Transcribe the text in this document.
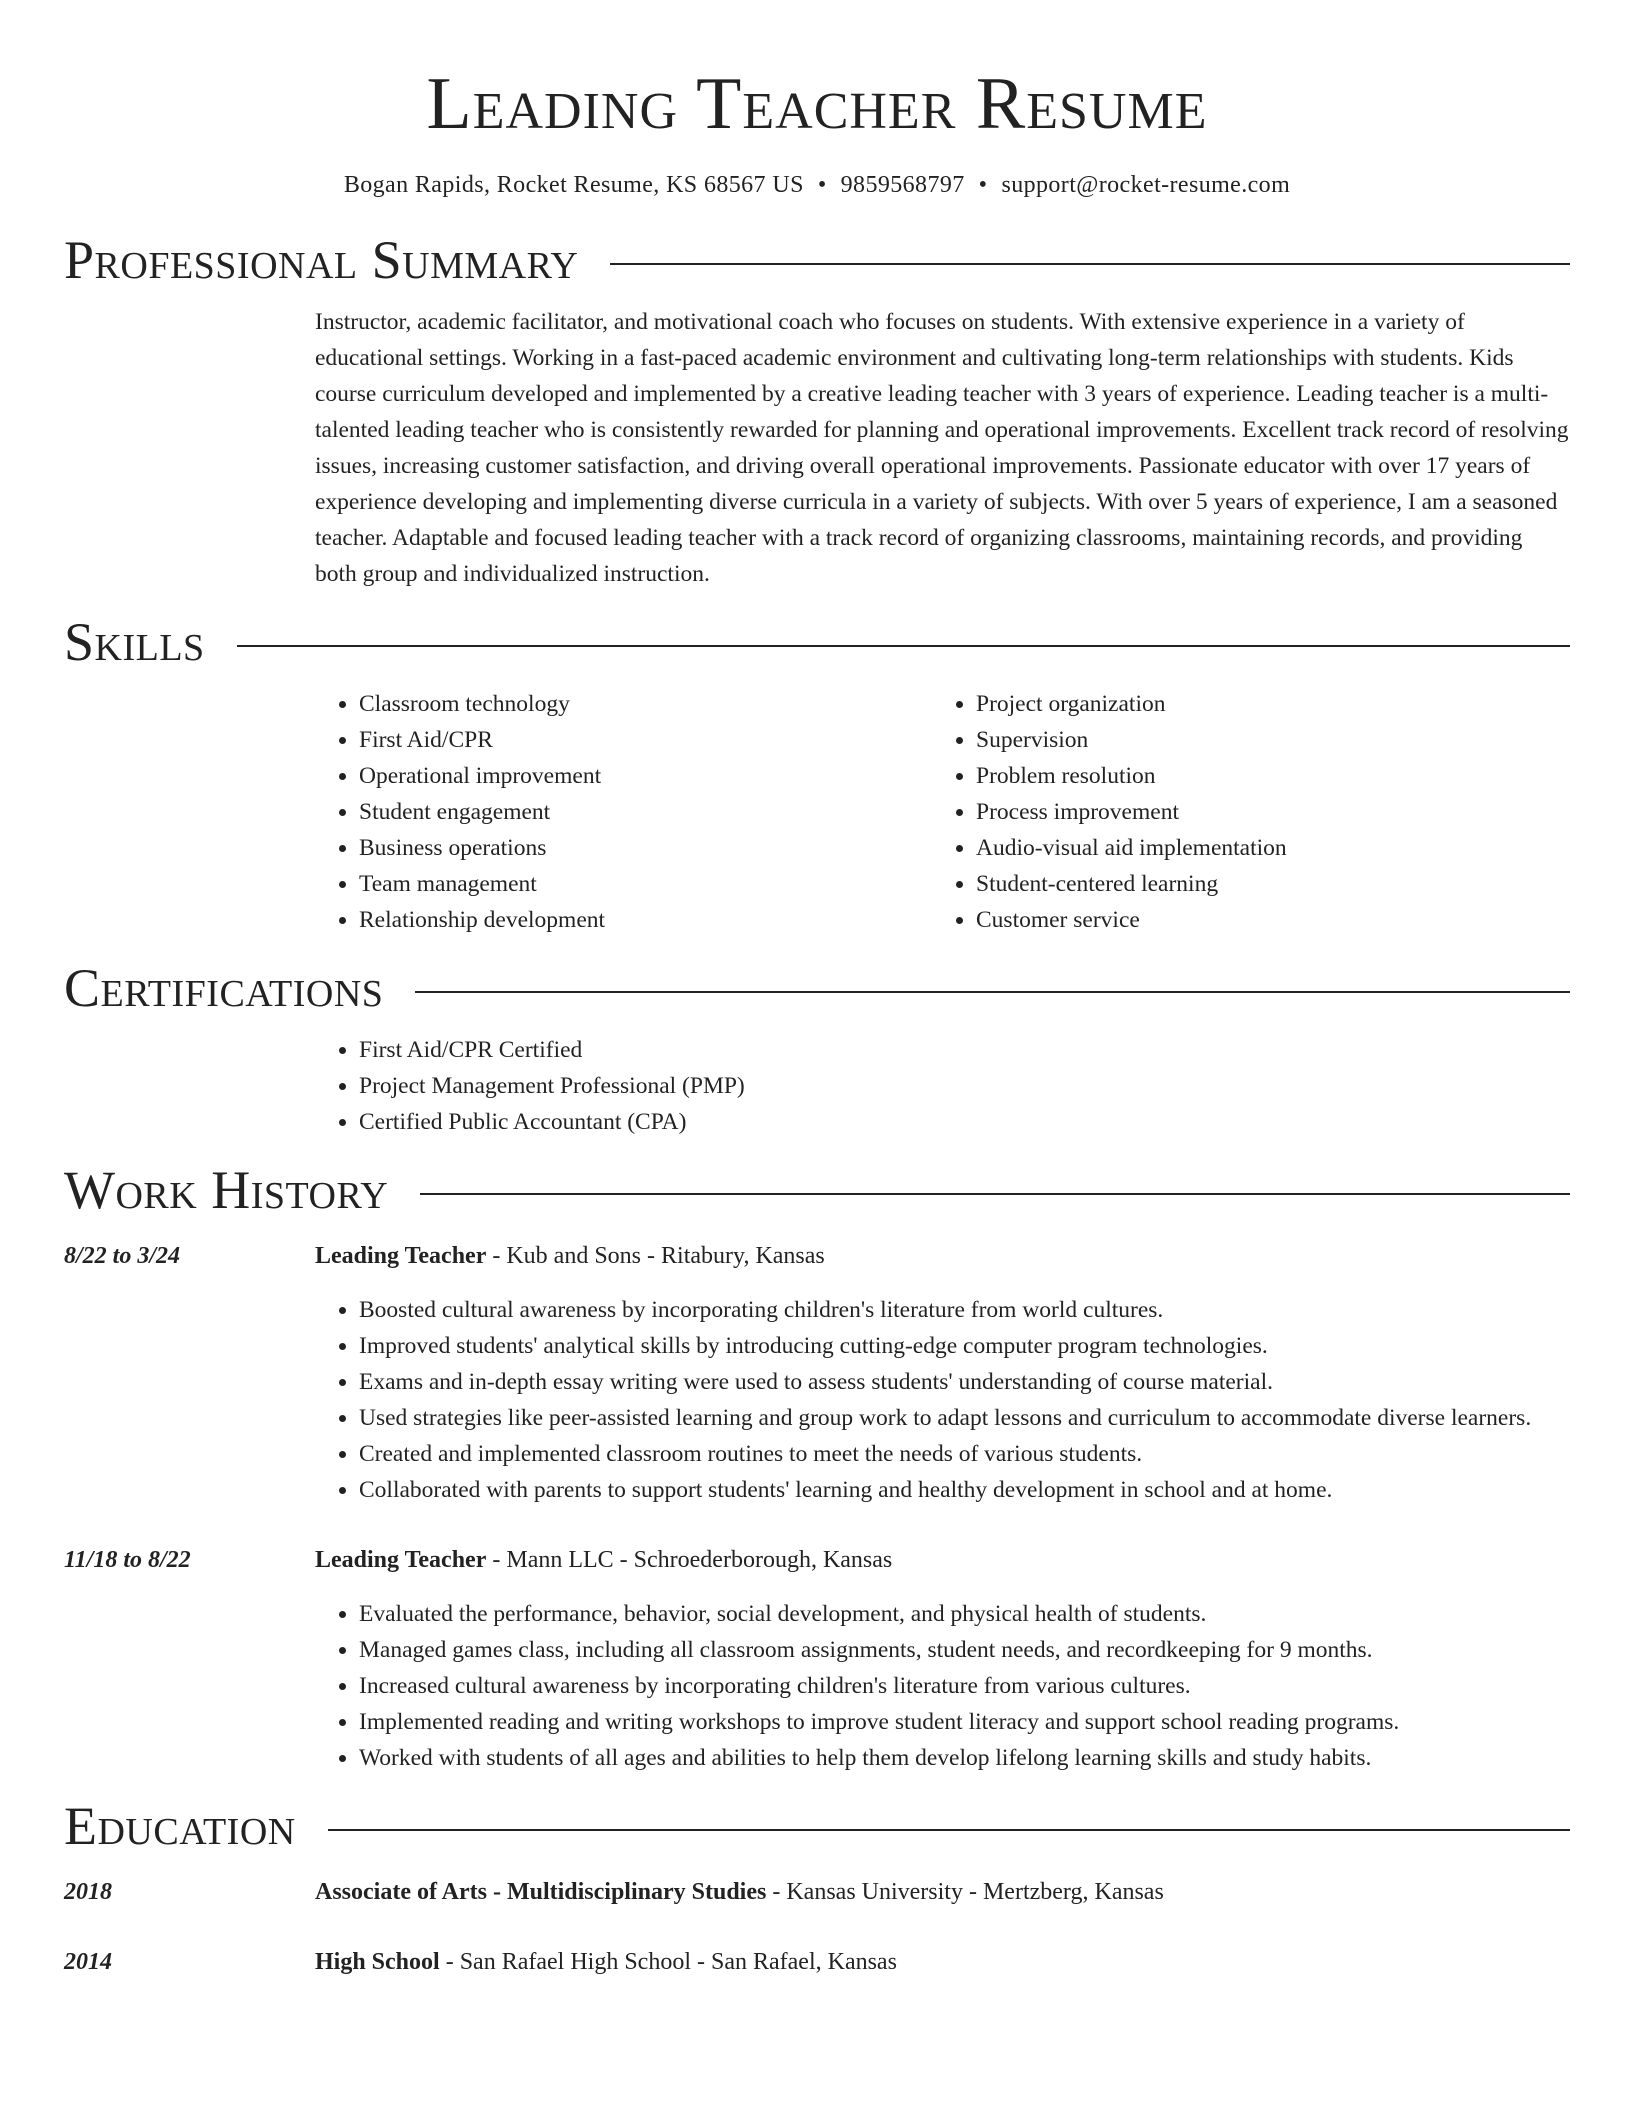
Leading Teacher Resume
Bogan Rapids, Rocket Resume, KS 68567 US • 9859568797 • support@rocket-resume.com
Professional Summary

Instructor, academic facilitator, and motivational coach who focuses on students. With extensive experience in a variety of educational settings. Working in a fast-paced academic environment and cultivating long-term relationships with students. Kids course curriculum developed and implemented by a creative leading teacher with 3 years of experience. Leading teacher is a multi-talented leading teacher who is consistently rewarded for planning and operational improvements. Excellent track record of resolving issues, increasing customer satisfaction, and driving overall operational improvements. Passionate educator with over 17 years of experience developing and implementing diverse curricula in a variety of subjects. With over 5 years of experience, I am a seasoned teacher. Adaptable and focused leading teacher with a track record of organizing classrooms, maintaining records, and providing both group and individualized instruction.

Skills
• Classroom technology
• First Aid/CPR
• Operational improvement
• Student engagement
• Business operations
• Team management
• Relationship development
• Project organization
• Supervision
• Problem resolution
• Process improvement
• Audio-visual aid implementation
• Student-centered learning
• Customer service
Certifications
• First Aid/CPR Certified
• Project Management Professional (PMP)
• Certified Public Accountant (CPA)
Work History
8/22 to 3/24	Leading Teacher - Kub and Sons - Ritabury, Kansas
• Boosted cultural awareness by incorporating children's literature from world cultures.
• Improved students' analytical skills by introducing cutting-edge computer program technologies.
• Exams and in-depth essay writing were used to assess students' understanding of course material.
• Used strategies like peer-assisted learning and group work to adapt lessons and curriculum to accommodate diverse learners.
• Created and implemented classroom routines to meet the needs of various students.
• Collaborated with parents to support students' learning and healthy development in school and at home.
11/18 to 8/22	Leading Teacher - Mann LLC - Schroederborough, Kansas
• Evaluated the performance, behavior, social development, and physical health of students.
• Managed games class, including all classroom assignments, student needs, and recordkeeping for 9 months.
• Increased cultural awareness by incorporating children's literature from various cultures.
• Implemented reading and writing workshops to improve student literacy and support school reading programs.
• Worked with students of all ages and abilities to help them develop lifelong learning skills and study habits.
Education
2018	Associate of Arts - Multidisciplinary Studies - Kansas University - Mertzberg, Kansas
2014	High School - San Rafael High School - San Rafael, Kansas
